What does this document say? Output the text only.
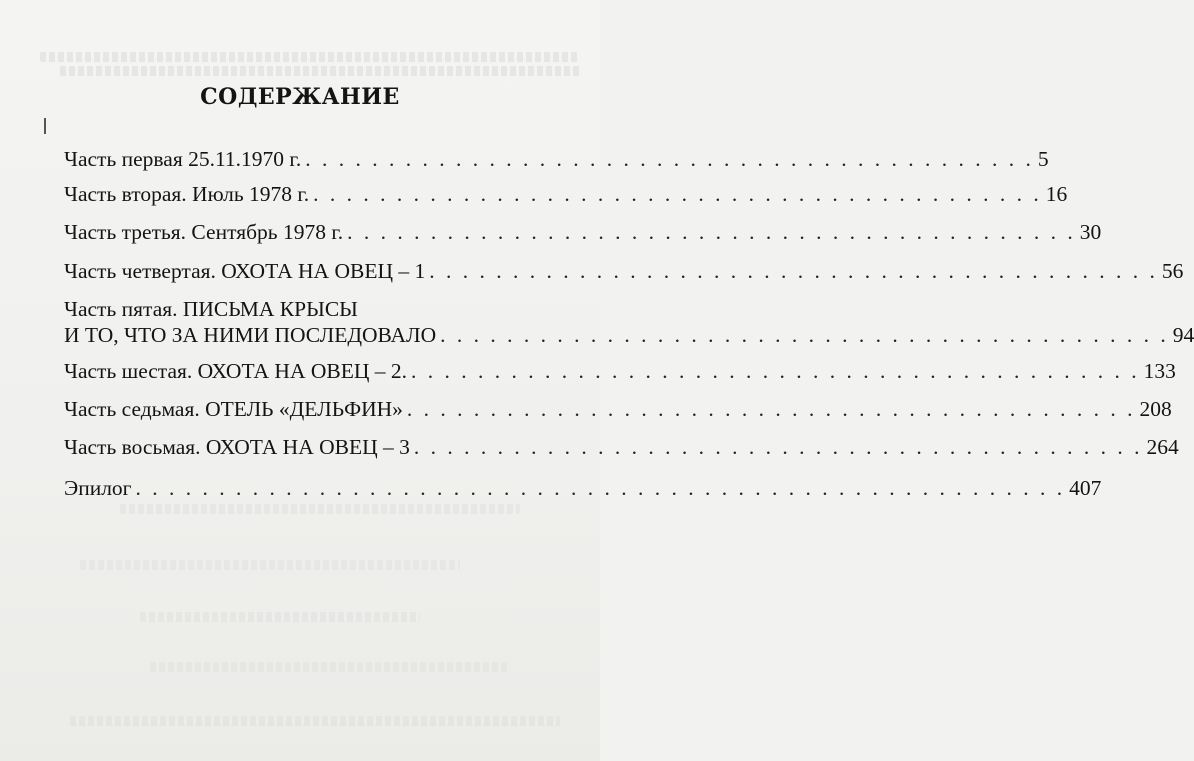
СОДЕРЖАНИЕ
Часть первая 25.11.1970 г. . . . . . . . . . . . . . . . . . . . . . . . . . . . . . . . . . . . . . . . . . . . . 5
Часть вторая. Июль 1978 г. . . . . . . . . . . . . . . . . . . . . . . . . . . . . . . . . . . . . . . . . . . . . 16
Часть третья. Сентябрь 1978 г. . . . . . . . . . . . . . . . . . . . . . . . . . . . . . . . . . . . . . . . . . . . . 30
Часть четвертая. ОХОТА НА ОВЕЦ – 1 . . . . . . . . . . . . . . . . . . . . . . . . . . . . . . . . . . . . . . . . . . . . 56
Часть пятая. ПИСЬМА КРЫСЫ
И ТО, ЧТО ЗА НИМИ ПОСЛЕДОВАЛО . . . . . . . . . . . . . . . . . . . . . . . . . . . . . . . . . . . . . . . . . . . . 94
Часть шестая. ОХОТА НА ОВЕЦ – 2. . . . . . . . . . . . . . . . . . . . . . . . . . . . . . . . . . . . . . . . . . . . . 133
Часть седьмая. ОТЕЛЬ «ДЕЛЬФИН» . . . . . . . . . . . . . . . . . . . . . . . . . . . . . . . . . . . . . . . . . . . . 208
Часть восьмая. ОХОТА НА ОВЕЦ – 3 . . . . . . . . . . . . . . . . . . . . . . . . . . . . . . . . . . . . . . . . . . . . 264
Эпилог . . . . . . . . . . . . . . . . . . . . . . . . . . . . . . . . . . . . . . . . . . . . . . . . . . . . . . . . 407
